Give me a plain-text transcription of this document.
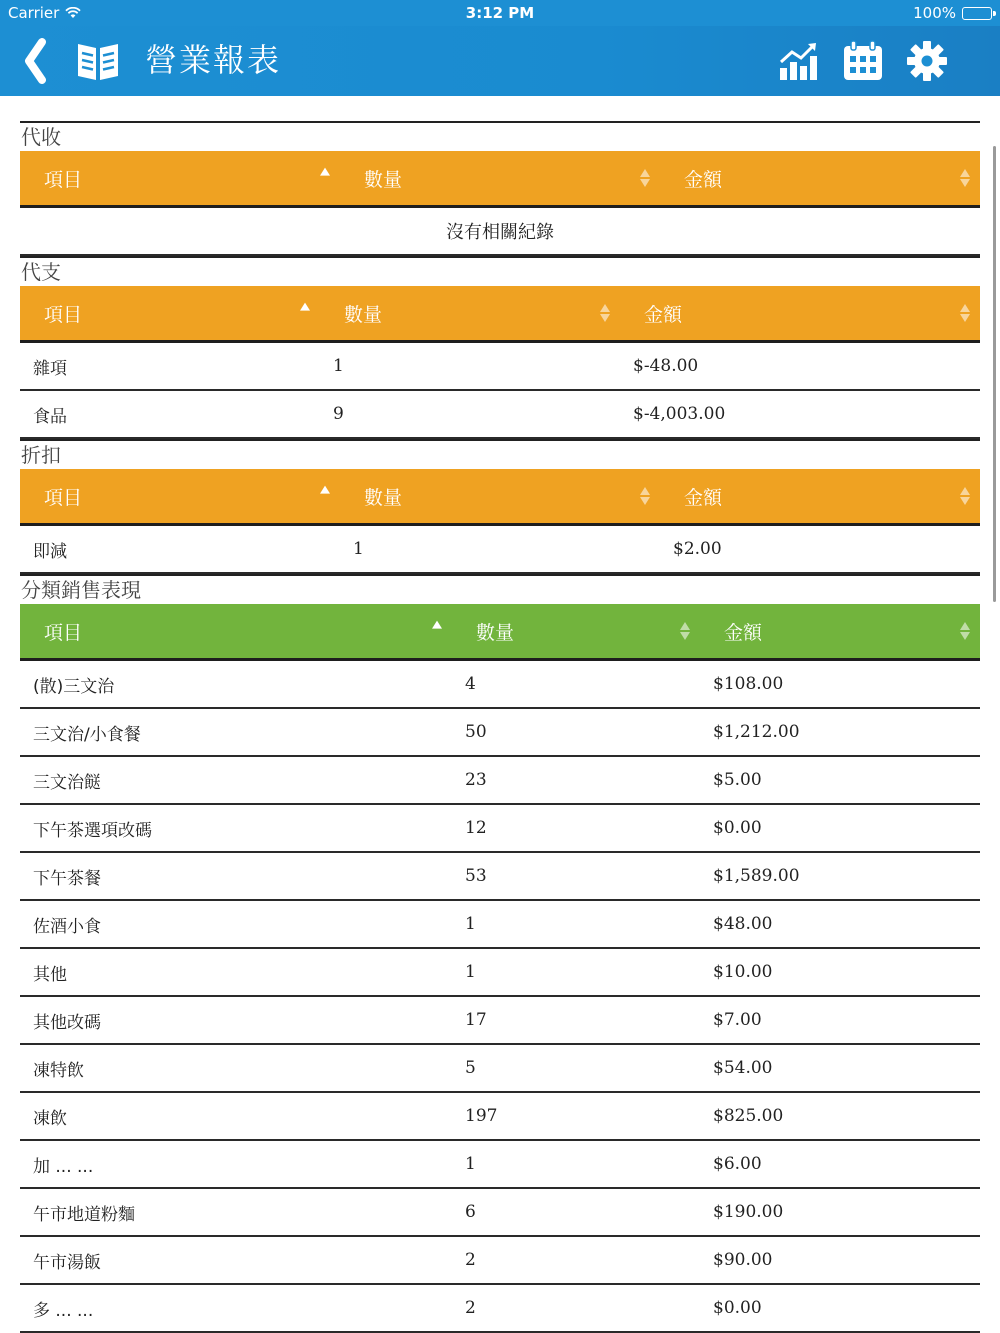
Carrier	3:12 PM	100%
營業報表
代收
項目	數量	金額
沒有相關紀錄
代支
項目	數量	金額
雜項	1	$-48.00
食品	9	$-4,003.00
折扣
項目	數量	金額
即減	1	$2.00
分類銷售表現
項目	數量	金額
(散)三文治	4	$108.00
三文治/小食餐	50	$1,212.00
三文治餸	23	$5.00
下午茶選項改碼	12	$0.00
下午茶餐	53	$1,589.00
佐酒小食	1	$48.00
其他	1	$10.00
其他改碼	17	$7.00
凍特飲	5	$54.00
凍飲	197	$825.00
加 ... ...	1	$6.00
午市地道粉麵	6	$190.00
午市湯飯	2	$90.00
多 ... ...	2	$0.00
